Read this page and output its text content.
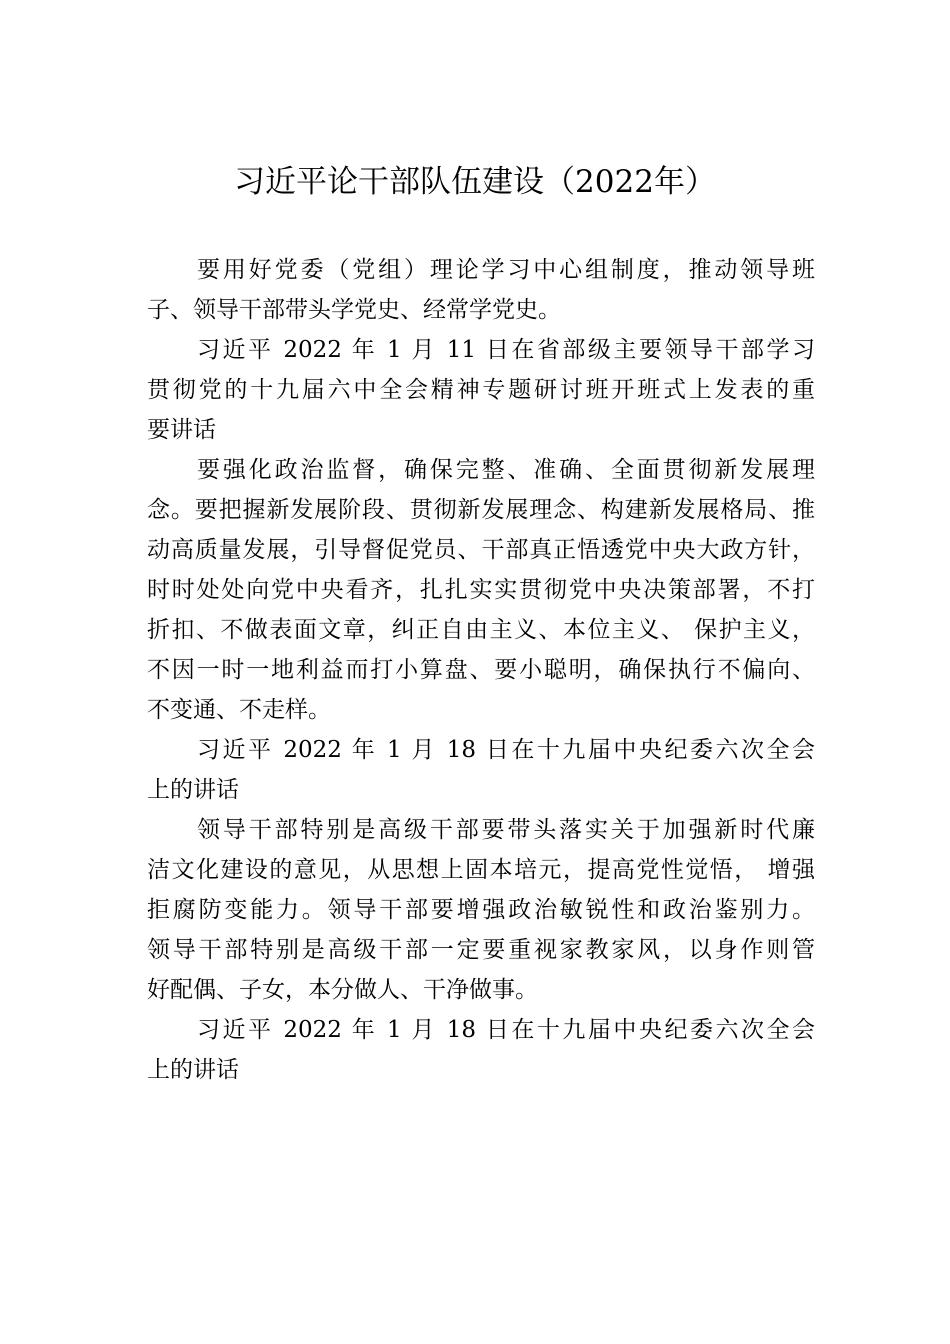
习近平论干部队伍建设（2022年）
要用好党委（党组）理论学习中心组制度，推动领导班
子、领导干部带头学党史、经常学党史。
习近平 2022 年 1 月 11 日在省部级主要领导干部学习
贯彻党的十九届六中全会精神专题研讨班开班式上发表的重
要讲话
要强化政治监督，确保完整、准确、全面贯彻新发展理
念。要把握新发展阶段、贯彻新发展理念、构建新发展格局、推
动高质量发展，引导督促党员、干部真正悟透党中央大政方针，
时时处处向党中央看齐，扎扎实实贯彻党中央决策部署，不打
折扣、不做表面文章，纠正自由主义、本位主义、 保护主义，
不因一时一地利益而打小算盘、要小聪明，确保执行不偏向、
不变通、不走样。
习近平 2022 年 1 月 18 日在十九届中央纪委六次全会
上的讲话
领导干部特别是高级干部要带头落实关于加强新时代廉
洁文化建设的意见，从思想上固本培元，提高党性觉悟， 增强
拒腐防变能力。领导干部要增强政治敏锐性和政治鉴别力。
领导干部特别是高级干部一定要重视家教家风，以身作则管
好配偶、子女，本分做人、干净做事。
习近平 2022 年 1 月 18 日在十九届中央纪委六次全会
上的讲话
